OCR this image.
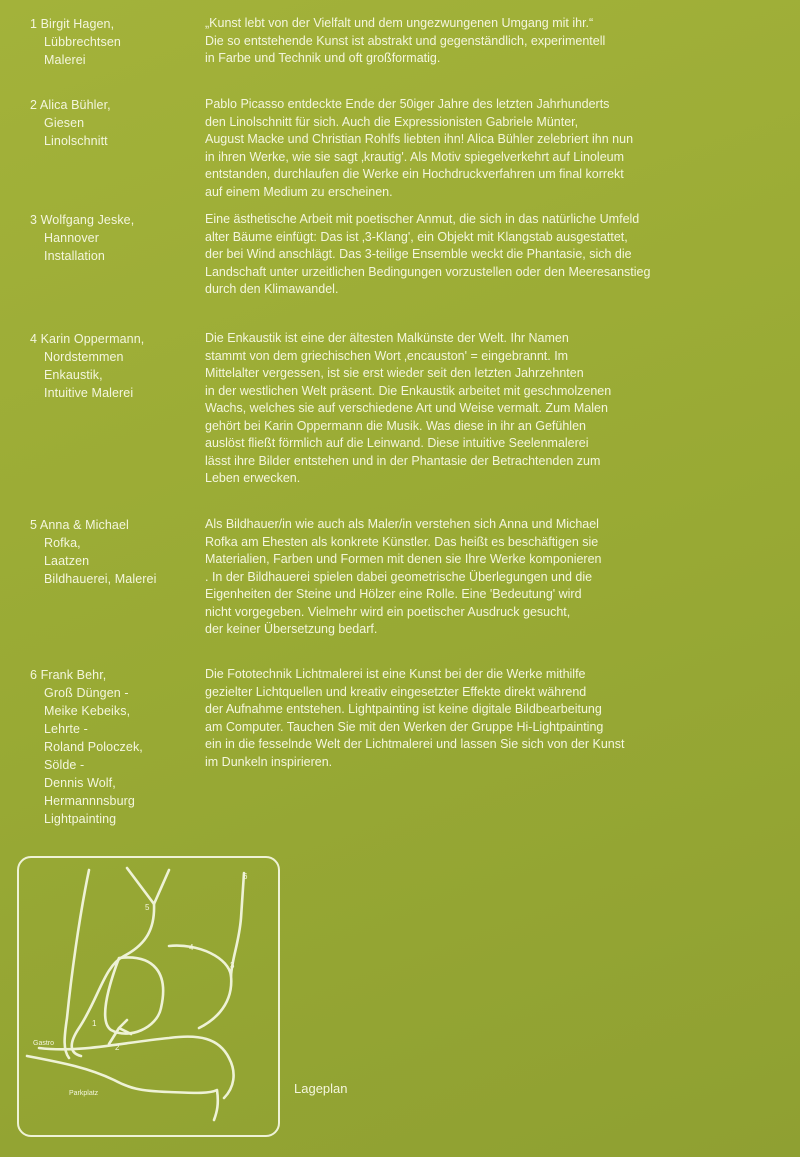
1 Birgit Hagen,
Lübbrechtsen
Malerei
„Kunst lebt von der Vielfalt und dem ungezwungenen Umgang mit ihr.“
Die so entstehende Kunst ist abstrakt und gegenständlich, experimentell
in Farbe und Technik und oft großformatig.
2 Alica Bühler,
Giesen
Linolschnitt
Pablo Picasso entdeckte Ende der 50iger Jahre des letzten Jahrhunderts
den Linolschnitt für sich. Auch die Expressionisten Gabriele Münter,
August Macke und Christian Rohlfs liebten ihn! Alica Bühler zelebriert ihn nun
in ihren Werke, wie sie sagt ‚krautig'. Als Motiv spiegelverkehrt auf Linoleum
entstanden, durchlaufen die Werke ein Hochdruckverfahren um final korrekt
auf einem Medium zu erscheinen.
3 Wolfgang Jeske,
Hannover
Installation
Eine ästhetische Arbeit mit poetischer Anmut, die sich in das natürliche Umfeld
alter Bäume einfügt: Das ist ‚3-Klang', ein Objekt mit Klangstab ausgestattet,
der bei Wind anschlägt. Das 3-teilige Ensemble weckt die Phantasie, sich die
Landschaft unter urzeitlichen Bedingungen vorzustellen oder den Meeresanstieg
durch den Klimawandel.
4 Karin Oppermann,
Nordstemmen
Enkaustik,
Intuitive Malerei
Die Enkaustik ist eine der ältesten Malkünste der Welt. Ihr Namen
stammt von dem griechischen Wort ‚encauston' = eingebrannt. Im
Mittelalter vergessen, ist sie erst wieder seit den letzten Jahrzehnten
in der westlichen Welt präsent. Die Enkaustik arbeitet mit geschmolzenen
Wachs, welches sie auf verschiedene Art und Weise vermalt. Zum Malen
gehört bei Karin Oppermann die Musik. Was diese in ihr an Gefühlen
auslöst fließt förmlich auf die Leinwand. Diese intuitive Seelenmalerei
lässt ihre Bilder entstehen und in der Phantasie der Betrachtenden zum
Leben erwecken.
5 Anna & Michael
Rofka,
Laatzen
Bildhauerei, Malerei
Als Bildhauer/in wie auch als Maler/in verstehen sich Anna und Michael
Rofka am Ehesten als konkrete Künstler. Das heißt es beschäftigen sie
Materialien, Farben und Formen mit denen sie Ihre Werke komponieren
. In der Bildhauerei spielen dabei geometrische Überlegungen und die
Eigenheiten der Steine und Hölzer eine Rolle. Eine 'Bedeutung' wird
nicht vorgegeben. Vielmehr wird ein poetischer Ausdruck gesucht,
der keiner Übersetzung bedarf.
6 Frank Behr,
Groß Düngen -
Meike Kebeiks,
Lehrte -
Roland Poloczek,
Sölde -
Dennis Wolf,
Hermannnsburg
Lightpainting
Die Fototechnik Lichtmalerei ist eine Kunst bei der die Werke mithilfe
gezielter Lichtquellen und kreativ eingesetzter Effekte direkt während
der Aufnahme entstehen. Lightpainting ist keine digitale Bildbearbeitung
am Computer. Tauchen Sie mit den Werken der Gruppe Hi-Lightpainting
ein in die fesselnde Welt der Lichtmalerei und lassen Sie sich von der Kunst
im Dunkeln inspirieren.
1
2
3
4
5
6
Gastro
Parkplatz	Lageplan
